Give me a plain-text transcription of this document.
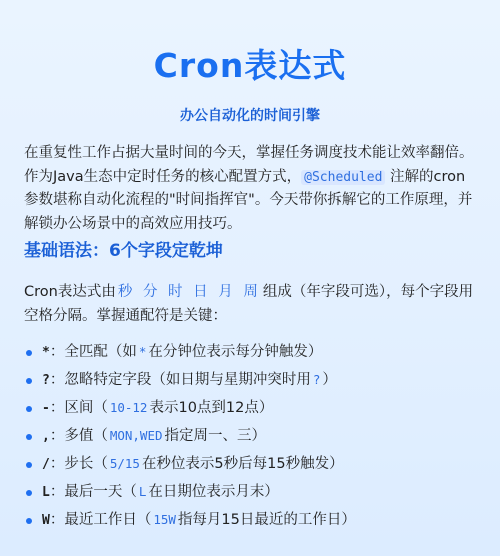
Cron表达式
办公自动化的时间引擎
在重复性工作占据大量时间的今天，掌握任务调度技术能让效率翻倍。作为Java生态中定时任务的核心配置方式， @Scheduled 注解的cron参数堪称自动化流程的"时间指挥官"。今天带你拆解它的工作原理，并解锁办公场景中的高效应用技巧。
基础语法：6个字段定乾坤
Cron表达式由 秒 分 时 日 月 周 组成（年字段可选），每个字段用空格分隔。掌握通配符是关键：
*：全匹配（如 * 在分钟位表示每分钟触发）
?：忽略特定字段（如日期与星期冲突时用 ? ）
-：区间（ 10-12 表示10点到12点）
,：多值（ MON,WED 指定周一、三）
/：步长（ 5/15 在秒位表示5秒后每15秒触发）
L：最后一天（ L 在日期位表示月末）
W：最近工作日（ 15W 指每月15日最近的工作日）
